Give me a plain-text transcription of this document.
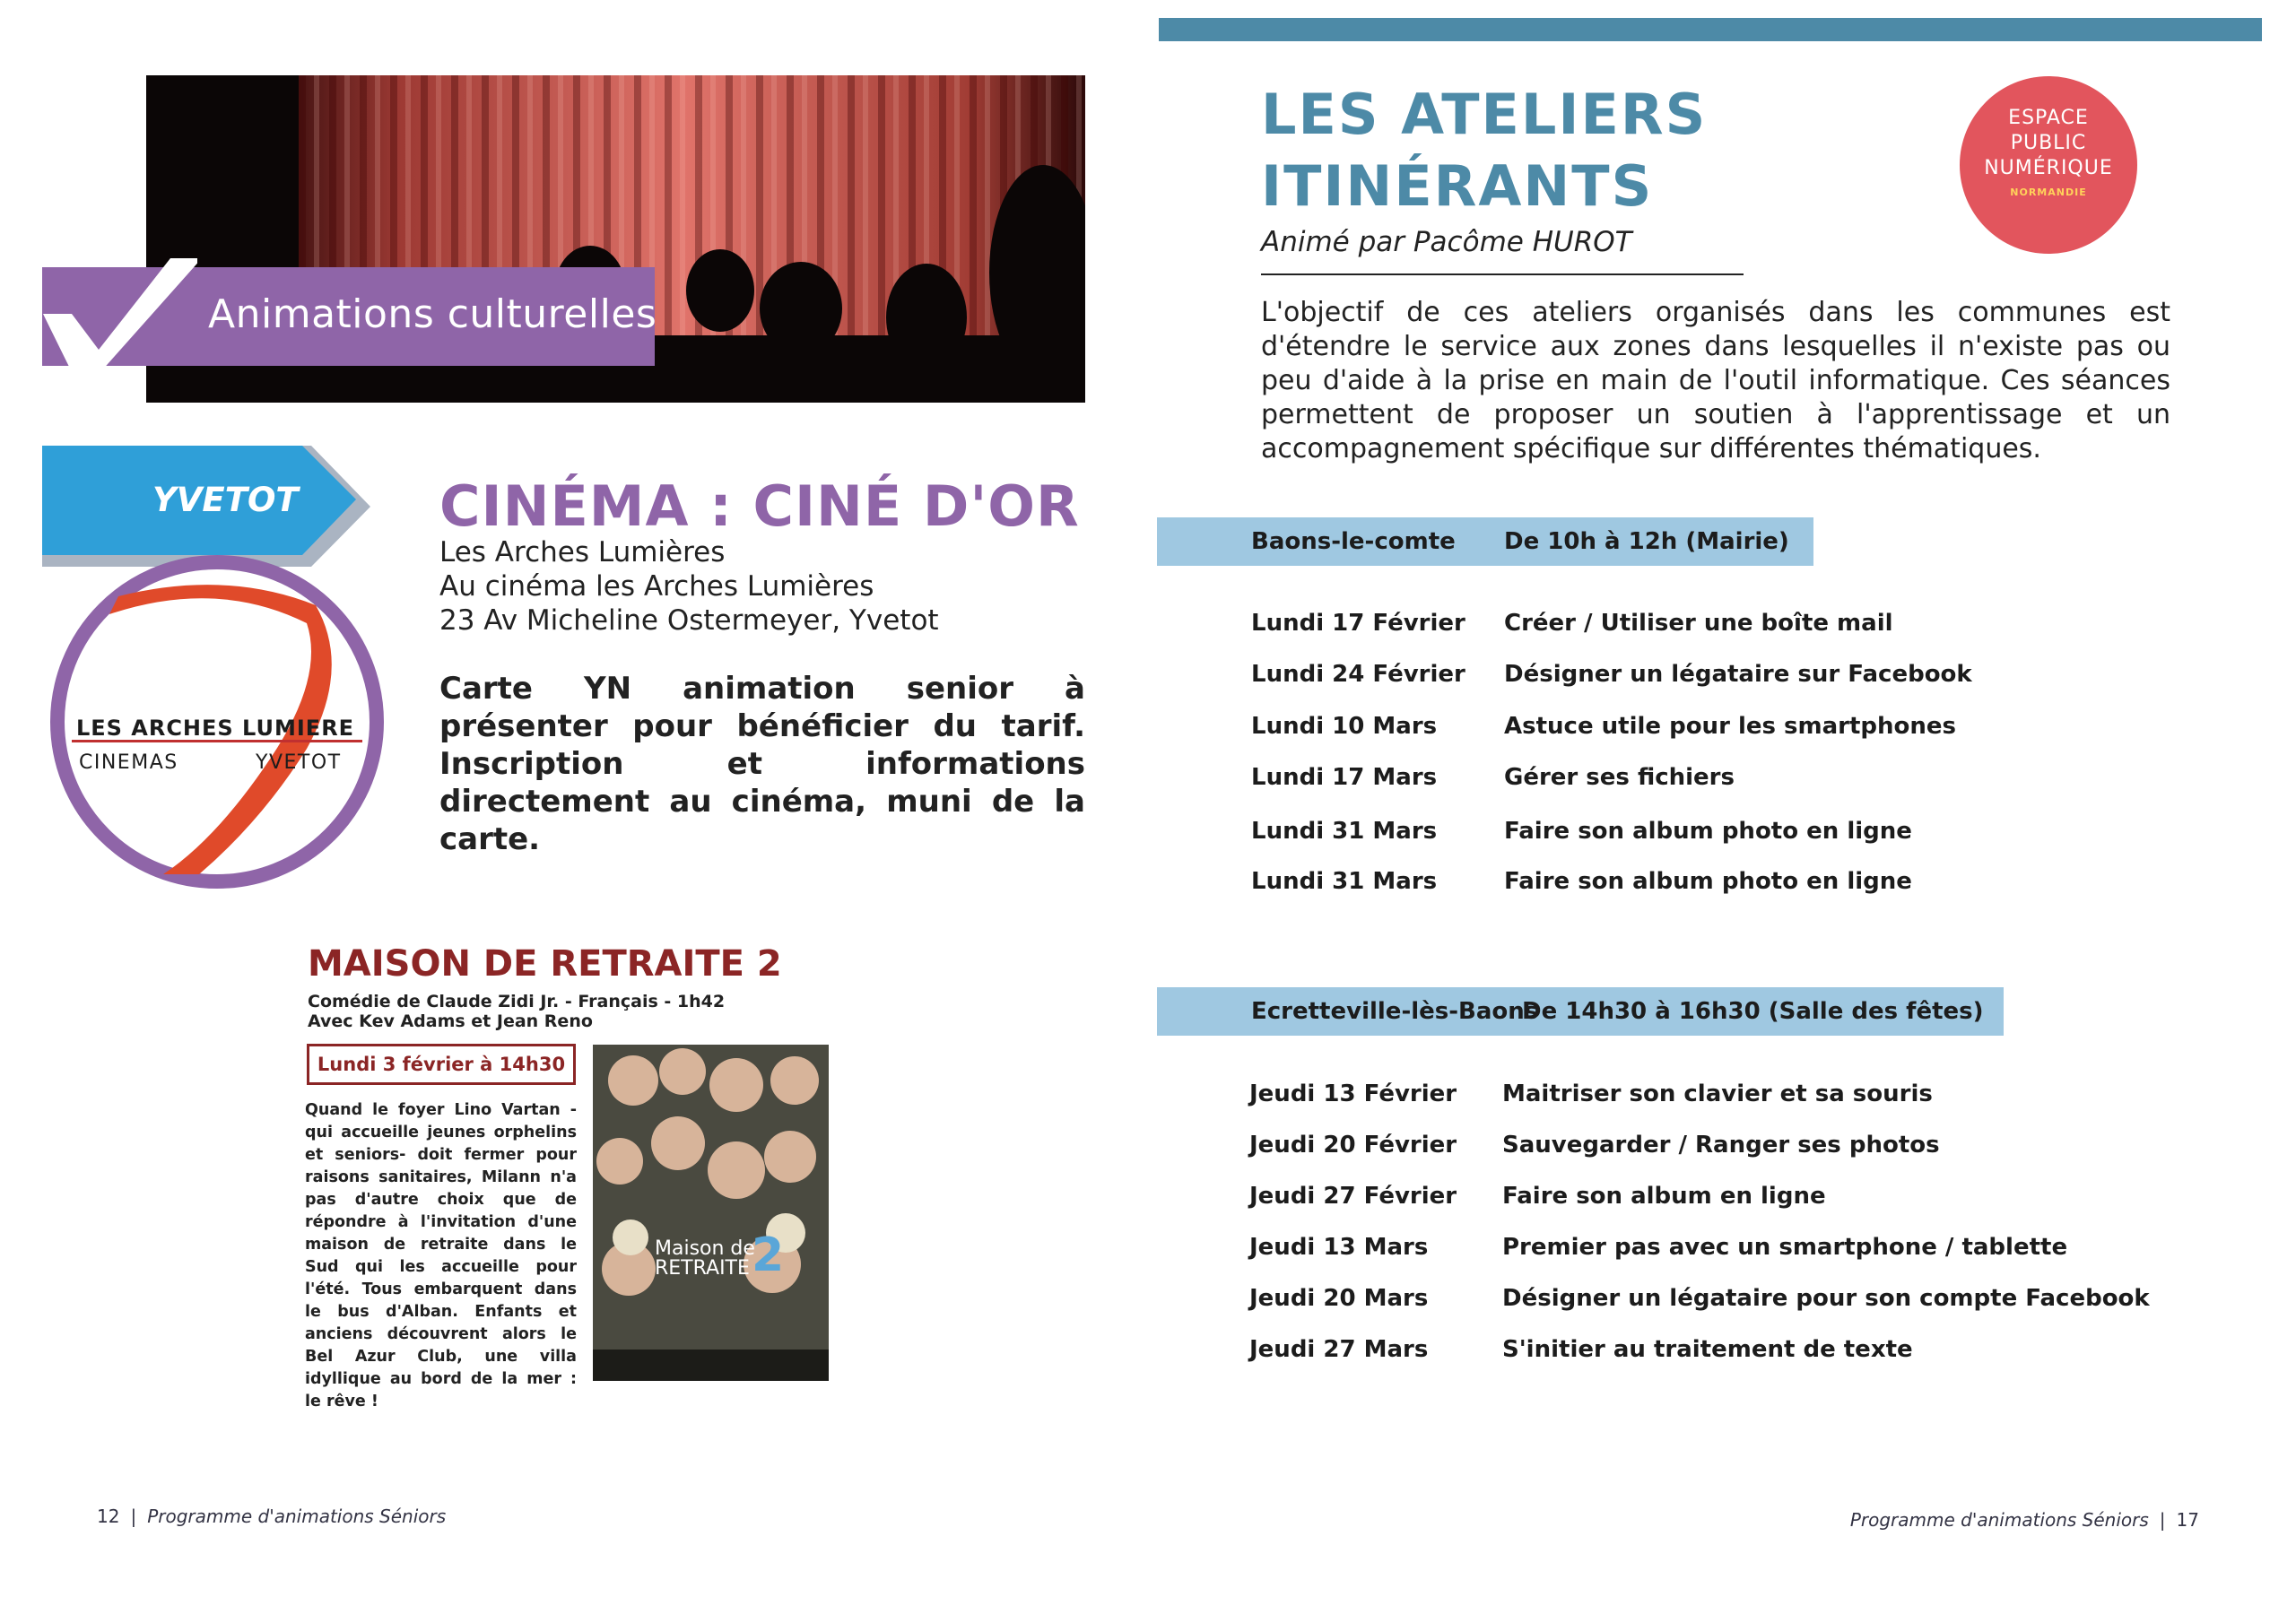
Animations culturelles
YVETOT
LES ARCHES LUMIERE
CINEMAS	YVETOT
CINÉMA : CINÉ D'OR
Les Arches Lumières
Au cinéma les Arches Lumières
23 Av Micheline Ostermeyer, Yvetot
Carte YN animation senior à présenter pour bénéficier du tarif. Inscription et informations directement au cinéma, muni de la carte.
MAISON DE RETRAITE 2
Comédie de Claude Zidi Jr. - Français - 1h42
Avec Kev Adams et Jean Reno
Lundi 3 février à 14h30
Quand le foyer Lino Vartan - qui accueille jeunes orphelins et seniors- doit fermer pour raisons sanitaires, Milann n'a pas d'autre choix que de répondre à l'invitation d'une maison de retraite dans le Sud qui les accueille pour l'été. Tous embarquent dans le bus d'Alban. Enfants et anciens découvrent alors le Bel Azur Club, une villa idyllique au bord de la mer : le rêve !
Maison de
RETRAITE 2
12 | Programme d'animations Séniors
LES ATELIERS
ITINÉRANTS
Animé par Pacôme HUROT
ESPACE
PUBLIC
NUMÉRIQUE
NORMANDIE
L'objectif de ces ateliers organisés dans les communes est d'étendre le service aux zones dans lesquelles il n'existe pas ou peu d'aide à la prise en main de l'outil informatique. Ces séances permettent de proposer un soutien à l'apprentissage et un accompagnement spécifique sur différentes thématiques.
Baons-le-comte De 10h à 12h (Mairie)
Lundi 17 Février Créer / Utiliser une boîte mail
Lundi 24 Février Désigner un légataire sur Facebook
Lundi 10 Mars	Astuce utile pour les smartphones
Lundi 17 Mars	Gérer ses fichiers
Lundi 31 Mars	Faire son album photo en ligne
Lundi 31 Mars	Faire son album photo en ligne
Ecretteville-lès-Baons
De 14h30 à 16h30 (Salle des fêtes)
Jeudi 13 Février Maitriser son clavier et sa souris
Jeudi 20 Février Sauvegarder / Ranger ses photos
Jeudi 27 Février Faire son album en ligne
Jeudi 13 Mars	Premier pas avec un smartphone / tablette
Jeudi 20 Mars	Désigner un légataire pour son compte Facebook
Jeudi 27 Mars	S'initier au traitement de texte
Programme d'animations Séniors | 17
